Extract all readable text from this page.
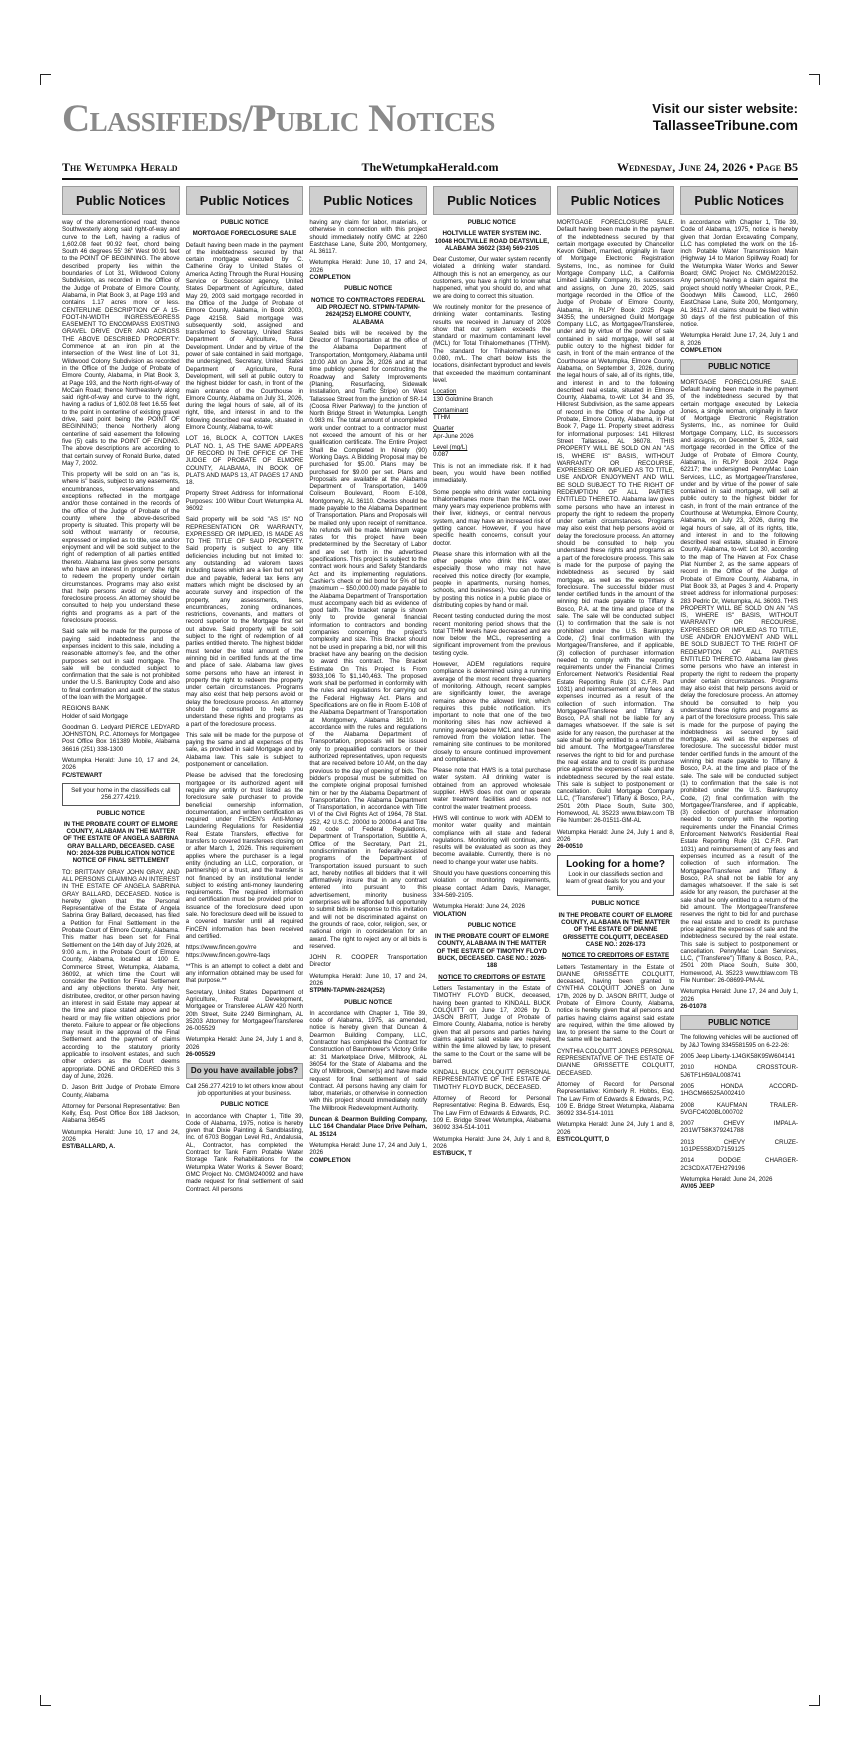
Classifieds/Public Notices	Visit our sister website:
TallasseeTribune.com
The Wetumpka Herald	TheWetumpkaHerald.com	Wednesday, June 24, 2026 • Page B5
Public Notices

way of the aforementioned road; thence Southwesterly along said right-of-way and curve to the Left, having a radius of 1,602.08 feet 90.92 feet, chord being South 46 degrees 55' 36" West 90.91 feet to the POINT OF BEGINNING. The above described property lies within the boundaries of Lot 31, Wildwood Colony Subdivision, as recorded in the Office of the Judge of Probate of Elmore County, Alabama, in Plat Book 3, at Page 193 and contains 1.17 acres more or less. CENTERLINE DESCRIPTION OF A 15-FOOT-IN-WIDTH INGRESS/EGRESS EASEMENT TO ENCOMPASS EXISTING GRAVEL DRIVE OVER AND ACROSS THE ABOVE DESCRIBED PROPERTY: Commence at an iron pin at the intersection of the West line of Lot 31, Wildwood Colony Subdivision as recorded in the Office of the Judge of Probate of Elmore County, Alabama, in Plat Book 3, at Page 193, and the North right-of-way of McCain Road; thence Northeasterly along said right-of-way and curve to the right, having a radius of 1,602.08 feet 16.55 feet to the point in centerline of existing gravel drive, said point being the POINT OF BEGINNING; thence Northerly along centerline of said easement the following five (5) calls to the POINT OF ENDING. The above descriptions are according to that certain survey of Ronald Burke, dated May 7, 2002.

This property will be sold on an "as is, where is" basis, subject to any easements, encumbrances, reservations and exceptions reflected in the mortgage and/or those contained in the records of the office of the Judge of Probate of the county where the above-described property is situated. This property will be sold without warranty or recourse, expressed or implied as to title, use and/or enjoyment and will be sold subject to the right of redemption of all parties entitled thereto. Alabama law gives some persons who have an interest in property the right to redeem the property under certain circumstances. Programs may also exist that help persons avoid or delay the foreclosure process. An attorney should be consulted to help you understand these rights and programs as a part of the foreclosure process.

Said sale will be made for the purpose of paying said indebtedness and the expenses incident to this sale, including a reasonable attorney's fee, and the other purposes set out in said mortgage. The sale will be conducted subject to confirmation that the sale is not prohibited under the U.S. Bankruptcy Code and also to final confirmation and audit of the status of the loan with the Mortgagee.

REGIONS BANK

Holder of said Mortgage

Goodman G. Ledyard PIERCE LEDYARD JOHNSTON, P.C. Attorneys for Mortgagee Post Office Box 161389 Mobile, Alabama 36616 (251) 338-1300

Wetumpka Herald: June 10, 17 and 24, 2026

FC/STEWART

Sell your home in the classifieds call 256.277.4219.

PUBLIC NOTICE

IN THE PROBATE COURT OF ELMORE COUNTY, ALABAMA IN THE MATTER OF THE ESTATE OF ANGELA SABRINA GRAY BALLARD, DECEASED. CASE NO: 2024-328 PUBLICATION NOTICE NOTICE OF FINAL SETTLEMENT

TO: BRITTANY GRAY JOHN GRAY, AND ALL PERSONS CLAIMING AN INTEREST IN THE ESTATE OF ANGELA SABRINA GRAY BALLARD, DECEASED. Notice is hereby given that the Personal Representative of the Estate of Angela Sabrina Gray Ballard, deceased, has filed a Petition for Final Settlement in the Probate Court of Elmore County, Alabama. This matter has been set for Final Settlement on the 14th day of July 2026, at 9:00 a.m., in the Probate Court of Elmore County, Alabama, located at 100 E. Commerce Street, Wetumpka, Alabama, 36092, at which time the Court will consider the Petition for Final Settlement and any objections thereto. Any heir, distributee, creditor, or other person having an interest in said Estate may appear at the time and place stated above and be heard or may file written objections prior thereto. Failure to appear or file objections may result in the approval of the Final Settlement and the payment of claims according to the statutory priority applicable to insolvent estates, and such other orders as the Court deems appropriate. DONE and ORDERED this 3 day of June, 2026.

D. Jason Britt Judge of Probate Elmore County, Alabama

Attorney for Personal Representative: Ben Kelly, Esq. Post Office Box 188 Jackson, Alabama 36545

Wetumpka Herald: June 10, 17 and 24, 2026

EST/BALLARD, A.

Public Notices

PUBLIC NOTICE

MORTGAGE FORECLOSURE SALE

Default having been made in the payment of the indebtedness secured by that certain mortgage executed by C. Catherine Gray to United States of America Acting Through the Rural Housing Service or Successor agency, United States Department of Agriculture, dated May 29, 2003 said mortgage recorded in the Office of the Judge of Probate of Elmore County, Alabama, in Book 2003, Page 42158. Said mortgage was subsequently sold, assigned and transferred to Secretary, United States Department of Agriculture, Rural Development. Under and by virtue of the power of sale contained in said mortgage, the undersigned, Secretary, United States Department of Agriculture, Rural Development, will sell at public outcry to the highest bidder for cash, in front of the main entrance of the Courthouse in Elmore County, Alabama on July 31, 2026, during the legal hours of sale, all of its right, title, and interest in and to the following described real estate, situated in Elmore County, Alabama, to-wit:

LOT 16, BLOCK A, COTTON LAKES PLAT NO. 1, AS THE SAME APPEARS OF RECORD IN THE OFFICE OF THE JUDGE OF PROBATE OF ELMORE COUNTY, ALABAMA, IN BOOK OF PLATS AND MAPS 13, AT PAGES 17 AND 18.

Property Street Address for Informational Purposes: 100 Wilbur Court Wetumpka AL 36092

Said property will be sold "AS IS" NO REPRESENTATION OR WARRANTY, EXPRESSED OR IMPLIED, IS MADE AS TO THE TITLE OF SAID PROPERTY. Said property is subject to any title deficiencies including but not limited to: any outstanding ad valorem taxes including taxes which are a lien but not yet due and payable, federal tax liens any matters which might be disclosed by an accurate survey and inspection of the property, any assessments, liens, encumbrances, zoning ordinances, restrictions, covenants, and matters of record superior to the Mortgage first set out above. Said property will be sold subject to the right of redemption of all parties entitled thereto. The highest bidder must tender the total amount of the winning bid in certified funds at the time and place of sale. Alabama law gives some persons who have an interest in property the right to redeem the property under certain circumstances. Programs may also exist that help persons avoid or delay the foreclosure process. An attorney should be consulted to help you understand these rights and programs as a part of the foreclosure process.

This sale will be made for the purpose of paying the same and all expenses of this sale, as provided in said Mortgage and by Alabama law. This sale is subject to postponement or cancellation.

Please be advised that the foreclosing mortgagee or its authorized agent will require any entity or trust listed as the foreclosure sale purchaser to provide beneficial ownership information, documentation, and written certification as required under FinCEN's Anti-Money Laundering Regulations for Residential Real Estate Transfers, effective for transfers to covered transferees closing on or after March 1, 2026. This requirement applies where the purchaser is a legal entity (including an LLC, corporation, or partnership) or a trust, and the transfer is not financed by an institutional lender subject to existing anti-money laundering requirements. The required information and certification must be provided prior to issuance of the foreclosure deed upon sale. No foreclosure deed will be issued to a covered transfer until all required FinCEN information has been received and certified.

https://www.fincen.gov/rre and https://www.fincen.gov/rre-faqs

**This is an attempt to collect a debt and any information obtained may be used for that purpose.**

Secretary, United States Department of Agriculture, Rural Development, Mortgagee or Transferee ALAW 420 North 20th Street, Suite 2249 Birmingham, AL 35203 Attorney for Mortgagee/Transferee 26-005529

Wetumpka Herald: June 24, July 1 and 8, 2026

26-005529

Do you have available jobs?

Call 256.277.4219 to let others know about job opportunities at your business.

PUBLIC NOTICE

In accordance with Chapter 1, Title 39, Code of Alabama, 1975, notice is hereby given that Dixie Painting & Sandblasting, Inc. of 6703 Boggan Level Rd., Andalusia, AL, Contractor, has completed the Contract for Tank Farm Potable Water Storage Tank Rehabilitations for the Wetumpka Water Works & Sewer Board; GMC Project No. CMGM240092 and have made request for final settlement of said Contract. All persons

Public Notices

having any claim for labor, materials, or otherwise in connection with this project should immediately notify GMC at 2260 Eastchase Lane, Suite 200, Montgomery, AL 36117.

Wetumpka Herald: June 10, 17 and 24, 2026

COMPLETION

PUBLIC NOTICE

NOTICE TO CONTRACTORS FEDERAL AID PROJECT NO. STPMN-TAPMN-2624(252) ELMORE COUNTY, ALABAMA

Sealed bids will be received by the Director of Transportation at the office of the Alabama Department of Transportation, Montgomery, Alabama until 10:00 AM on June 26, 2026 and at that time publicly opened for constructing the Roadway and Safety Improvements (Planing, Resurfacing, Sidewalk Installation, and Traffic Stripe) on West Tallassee Street from the junction of SR-14 (Coosa River Parkway) to the junction of North Bridge Street in Wetumpka. Length 0.983 mi. The total amount of uncompleted work under contract to a contractor must not exceed the amount of his or her qualification certificate. The Entire Project Shall Be Completed In Ninety (90) Working Days. A Bidding Proposal may be purchased for $5.00. Plans may be purchased for $9.00 per set. Plans and Proposals are available at the Alabama Department of Transportation, 1409 Coliseum Boulevard, Room E-108, Montgomery, AL 36110. Checks should be made payable to the Alabama Department of Transportation. Plans and Proposals will be mailed only upon receipt of remittance. No refunds will be made. Minimum wage rates for this project have been predetermined by the Secretary of Labor and are set forth in the advertised specifications. This project is subject to the contract work hours and Safety Standards Act and its implementing regulations. Cashier's check or bid bond for 5% of bid (maximum -- $50,000.00) made payable to the Alabama Department of Transportation must accompany each bid as evidence of good faith. The bracket range is shown only to provide general financial information to contractors and bonding companies concerning the project's complexity and size. This Bracket should not be used in preparing a bid, nor will this bracket have any bearing on the decision to award this contract. The Bracket Estimate On This Project Is From $933,106 To $1,140,463. The proposed work shall be performed in conformity with the rules and regulations for carrying out the Federal Highway Act. Plans and Specifications are on file in Room E-108 of the Alabama Department of Transportation at Montgomery, Alabama 36110. In accordance with the rules and regulations of the Alabama Department of Transportation, proposals will be issued only to prequalified contractors or their authorized representatives, upon requests that are received before 10 AM, on the day previous to the day of opening of bids. The bidder's proposal must be submitted on the complete original proposal furnished him or her by the Alabama Department of Transportation. The Alabama Department of Transportation, in accordance with Title VI of the Civil Rights Act of 1964, 78 Stat. 252, 42 U.S.C. 2000d to 2000d-4 and Title 49 code of Federal Regulations, Department of Transportation, Subtitle A, Office of the Secretary, Part 21, nondiscrimination in federally-assisted programs of the Department of Transportation issued pursuant to such act, hereby notifies all bidders that it will affirmatively insure that in any contract entered into pursuant to this advertisement, minority business enterprises will be afforded full opportunity to submit bids in response to this invitation and will not be discriminated against on the grounds of race, color, religion, sex, or national origin in consideration for an award. The right to reject any or all bids is reserved.

JOHN R. COOPER Transportation Director

Wetumpka Herald: June 10, 17 and 24, 2026

STPMN-TAPMN-2624(252)

PUBLIC NOTICE

In accordance with Chapter 1, Title 39, code of Alabama, 1975, as amended, notice is hereby given that Duncan & Dearmon Building Company, LLC, Contractor has completed the Contract for Construction of Baumhower's Victory Grille at: 31 Marketplace Drive, Millbrook, AL 36054 for the State of Alabama and the City of Millbrook, Owner(s) and have made request for final settlement of said Contract. All persons having any claim for labor, materials, or otherwise in connection with this project should immediately notify The Millbrook Redevelopment Authority.

Duncan & Dearmon Building Company, LLC 164 Chandalar Place Drive Pelham, AL 35124

Wetumpka Herald: June 17, 24 and July 1, 2026

COMPLETION

Public Notices

PUBLIC NOTICE

HOLTVILLE WATER SYSTEM INC. 10048 HOLTVILLE ROAD DEATSVILLE, ALABAMA 36022 (334) 569-2105

Dear Customer, Our water system recently violated a drinking water standard. Although this is not an emergency, as our customers, you have a right to know what happened, what you should do, and what we are doing to correct this situation.

We routinely monitor for the presence of drinking water contaminants. Testing results we received in January of 2026 show that our system exceeds the standard or maximum contaminant level (MCL) for Total Trihalomethanes (TTHM). The standard for Trihalomethanes is 0.080, m/L. The chart below lists the locations, disinfectant byproduct and levels that exceeded the maximum contaminant level.

Location

130 Goldmine Branch

Contaminant

TTHM

Quarter

Apr-June 2026

Level (mg/L)

0.087

This is not an immediate risk. If it had been, you would have been notified immediately.

Some people who drink water containing trihalomethanes more than the MCL over many years may experience problems with their liver, kidneys, or central nervous system, and may have an increased risk of getting cancer. However, if you have specific health concerns, consult your doctor.

Please share this information with all the other people who drink this water, especially those who may not have received this notice directly (for example, people in apartments, nursing homes, schools, and businesses). You can do this by posting this notice in a public place or distributing copies by hand or mail.

Recent testing conducted during the most recent monitoring period shows that the total TTHM levels have decreased and are now below the MCL, representing a significant improvement from the previous testing cycle.

However, ADEM regulations require compliance is determined using a running average of the most recent three-quarters of monitoring. Although, recent samples are significantly lower, the average remains above the allowed limit, which requires this public notification. It's important to note that one of the two monitoring sites has now achieved a running average below MCL and has been removed from the violation letter. The remaining site continues to be monitored closely to ensure continued improvement and compliance.

Please note that HWS is a total purchase water system. All drinking water is obtained from an approved wholesale supplier. HWS does not own or operate water treatment facilities and does not control the water treatment process.

HWS will continue to work with ADEM to monitor water quality and maintain compliance with all state and federal regulations. Monitoring will continue, and results will be evaluated as soon as they become available. Currently, there is no need to change your water use habits.

Should you have questions concerning this violation or monitoring requirements, please contact Adam Davis, Manager, 334-569-2105.

Wetumpka Herald: June 24, 2026

VIOLATION

PUBLIC NOTICE

IN THE PROBATE COURT OF ELMORE COUNTY, ALABAMA IN THE MATTER OF THE ESTATE OF TIMOTHY FLOYD BUCK, DECEASED. CASE NO.: 2026-188

NOTICE TO CREDITORS OF ESTATE

Letters Testamentary in the Estate of TIMOTHY FLOYD BUCK, deceased, having been granted to KINDALL BUCK COLQUITT on June 17, 2026 by D. JASON BRITT, Judge of Probate of Elmore County, Alabama, notice is hereby given that all persons and parties having claims against said estate are required, within the time allowed by law, to present the same to the Court or the same will be barred.

KINDALL BUCK COLQUITT PERSONAL REPRESENTATIVE OF THE ESTATE OF TIMOTHY FLOYD BUCK, DECEASED.

Attorney of Record for Personal Representative: Regina B. Edwards, Esq. The Law Firm of Edwards & Edwards, P.C. 109 E. Bridge Street Wetumpka, Alabama 36092 334-514-1011

Wetumpka Herald: June 24, July 1 and 8, 2026

EST/BUCK, T

Public Notices

MORTGAGE FORECLOSURE SALE. Default having been made in the payment of the indebtedness secured by that certain mortgage executed by Chancellor Kevon Gilbert, married, originally in favor of Mortgage Electronic Registration Systems, Inc., as nominee for Guild Mortgage Company LLC, a California Limited Liability Company, its successors and assigns, on June 20, 2025, said mortgage recorded in the Office of the Judge of Probate of Elmore County, Alabama, in RLPY Book 2025 Page 34355; the undersigned Guild Mortgage Company LLC, as Mortgagee/Transferee, under and by virtue of the power of sale contained in said mortgage, will sell at public outcry to the highest bidder for cash, in front of the main entrance of the Courthouse at Wetumpka, Elmore County, Alabama, on September 3, 2026, during the legal hours of sale, all of its rights, title, and interest in and to the following described real estate, situated in Elmore County, Alabama, to-wit: Lot 34 and 35, Hillcrest Subdivision, as the same appears of record in the Office of the Judge of Probate, Elmore County, Alabama, in Plat Book 7, Page 11. Property street address for informational purposes: 141 Hillcrest Street Tallassee, AL 36078. THIS PROPERTY WILL BE SOLD ON AN "AS IS, WHERE IS" BASIS, WITHOUT WARRANTY OR RECOURSE, EXPRESSED OR IMPLIED AS TO TITLE, USE AND/OR ENJOYMENT AND WILL BE SOLD SUBJECT TO THE RIGHT OF REDEMPTION OF ALL PARTIES ENTITLED THERETO. Alabama law gives some persons who have an interest in property the right to redeem the property under certain circumstances. Programs may also exist that help persons avoid or delay the foreclosure process. An attorney should be consulted to help you understand these rights and programs as a part of the foreclosure process. This sale is made for the purpose of paying the indebtedness as secured by said mortgage, as well as the expenses of foreclosure. The successful bidder must tender certified funds in the amount of the winning bid made payable to Tiffany & Bosco, P.A. at the time and place of the sale. The sale will be conducted subject (1) to confirmation that the sale is not prohibited under the U.S. Bankruptcy Code, (2) final confirmation with the Mortgagee/Transferee, and if applicable, (3) collection of purchaser information needed to comply with the reporting requirements under the Financial Crimes Enforcement Network's Residential Real Estate Reporting Rule (31 C.F.R. Part 1031) and reimbursement of any fees and expenses incurred as a result of the collection of such information. The Mortgagee/Transferee and Tiffany & Bosco, P.A shall not be liable for any damages whatsoever. If the sale is set aside for any reason, the purchaser at the sale shall be only entitled to a return of the bid amount. The Mortgagee/Transferee reserves the right to bid for and purchase the real estate and to credit its purchase price against the expenses of sale and the indebtedness secured by the real estate. This sale is subject to postponement or cancellation. Guild Mortgage Company LLC, ("Transferee") Tiffany & Bosco, P.A., 2501 20th Place South, Suite 300, Homewood, AL 35223 www.tblaw.com TB File Number: 26-01511-GM-AL

Wetumpka Herald: June 24, July 1 and 8, 2026

26-00510

Looking for a home?
Look in our classifieds section and learn of great deals for you and your family.

PUBLIC NOTICE

IN THE PROBATE COURT OF ELMORE COUNTY, ALABAMA IN THE MATTER OF THE ESTATE OF DIANNE GRISSETTE COLQUITT, DECEASED CASE NO.: 2026-173

NOTICE TO CREDITORS OF ESTATE

Letters Testamentary in the Estate of DIANNE GRISSETTE COLQUITT, deceased, having been granted to CYNTHIA COLQUITT JONES on June 17th, 2026 by D. JASON BRITT, Judge of Probate of Elmore County, Alabama, notice is hereby given that all persons and parties having claims against said estate are required, within the time allowed by law, to present the same to the Court or the same will be barred.

CYNTHIA COLQUITT JONES PERSONAL REPRESENTATIVE OF THE ESTATE OF DIANNE GRISSETTE COLQUITT, DECEASED.

Attorney of Record for Personal Representative: Kimberly R. Hobbs, Esq. The Law Firm of Edwards & Edwards, P.C. 109 E. Bridge Street Wetumpka, Alabama 36092 334-514-1011

Wetumpka Herald: June 24, July 1 and 8, 2026

EST/COLQUITT, D

Public Notices

In accordance with Chapter 1, Title 39, Code of Alabama, 1975, notice is hereby given that Jordan Excavating Company, LLC has completed the work on the 16-inch Potable Water Transmission Main (Highway 14 to Marion Spillway Road) for the Wetumpka Water Works and Sewer Board; GMC Project No. CMGM220152. Any person(s) having a claim against the project should notify Wheeler Crook, P.E., Goodwyn Mills Cawood, LLC, 2660 EastChase Lane, Suite 200, Montgomery, AL 36117. All claims should be filed within 30 days of the first publication of this notice.

Wetumpka Herald: June 17, 24, July 1 and 8, 2026

COMPLETION

PUBLIC NOTICE

MORTGAGE FORECLOSURE SALE. Default having been made in the payment of the indebtedness secured by that certain mortgage executed by Lekecia Jones, a single woman, originally in favor of Mortgage Electronic Registration Systems, Inc., as nominee for Guild Mortgage Company, LLC, its successors and assigns, on December 5, 2024, said mortgage recorded in the Office of the Judge of Probate of Elmore County, Alabama, in RLPY Book 2024 Page 62217; the undersigned PennyMac Loan Services, LLC, as Mortgagee/Transferee, under and by virtue of the power of sale contained in said mortgage, will sell at public outcry to the highest bidder for cash, in front of the main entrance of the Courthouse at Wetumpka, Elmore County, Alabama, on July 23, 2026, during the legal hours of sale, all of its rights, title, and interest in and to the following described real estate, situated in Elmore County, Alabama, to-wit: Lot 30, according to the map of The Haven at Fox Chase Plat Number 2, as the same appears of record in the Office of the Judge of Probate of Elmore County, Alabama, in Plat Book 33, at Pages 3 and 4. Property street address for informational purposes: 283 Pedric Dr, Wetumpka, AL 36093. THIS PROPERTY WILL BE SOLD ON AN "AS IS, WHERE IS" BASIS, WITHOUT WARRANTY OR RECOURSE, EXPRESSED OR IMPLIED AS TO TITLE, USE AND/OR ENJOYMENT AND WILL BE SOLD SUBJECT TO THE RIGHT OF REDEMPTION OF ALL PARTIES ENTITLED THERETO. Alabama law gives some persons who have an interest in property the right to redeem the property under certain circumstances. Programs may also exist that help persons avoid or delay the foreclosure process. An attorney should be consulted to help you understand these rights and programs as a part of the foreclosure process. This sale is made for the purpose of paying the indebtedness as secured by said mortgage, as well as the expenses of foreclosure. The successful bidder must tender certified funds in the amount of the winning bid made payable to Tiffany & Bosco, P.A. at the time and place of the sale. The sale will be conducted subject (1) to confirmation that the sale is not prohibited under the U.S. Bankruptcy Code, (2) final confirmation with the Mortgagee/Transferee, and if applicable, (3) collection of purchaser information needed to comply with the reporting requirements under the Financial Crimes Enforcement Network's Residential Real Estate Reporting Rule (31 C.F.R. Part 1031) and reimbursement of any fees and expenses incurred as a result of the collection of such information. The Mortgagee/Transferee and Tiffany & Bosco, P.A shall not be liable for any damages whatsoever. If the sale is set aside for any reason, the purchaser at the sale shall be only entitled to a return of the bid amount. The Mortgagee/Transferee reserves the right to bid for and purchase the real estate and to credit its purchase price against the expenses of sale and the indebtedness secured by the real estate. This sale is subject to postponement or cancellation. PennyMac Loan Services, LLC, ("Transferee") Tiffany & Bosco, P.A., 2501 20th Place South, Suite 300, Homewood, AL 35223 www.tblaw.com TB File Number: 26-08699-PM-AL

Wetumpka Herald: June 17, 24 and July 1, 2026

26-01078

PUBLIC NOTICE

The following vehicles will be auctioned off by J&J Towing 3345581595 on 6-22-26:

2005 Jeep Liberty-1J4GK58K95W604141

2010 HONDA CROSSTOUR-5J6TF1H59AL008741

2005 HONDA ACCORD-1HGCM66525A002410

2008 KAUFMAN TRAILER-5VGFC4020BL000702

2007 CHEVY IMPALA-2G1WT58K379241788

2013 CHEVY CRUZE-1G1PE5SBXD7159125

2014 DODGE CHARGER-2C3CDXAT7EH279196

Wetumpka Herald: June 24, 2026

AV/05 JEEP
